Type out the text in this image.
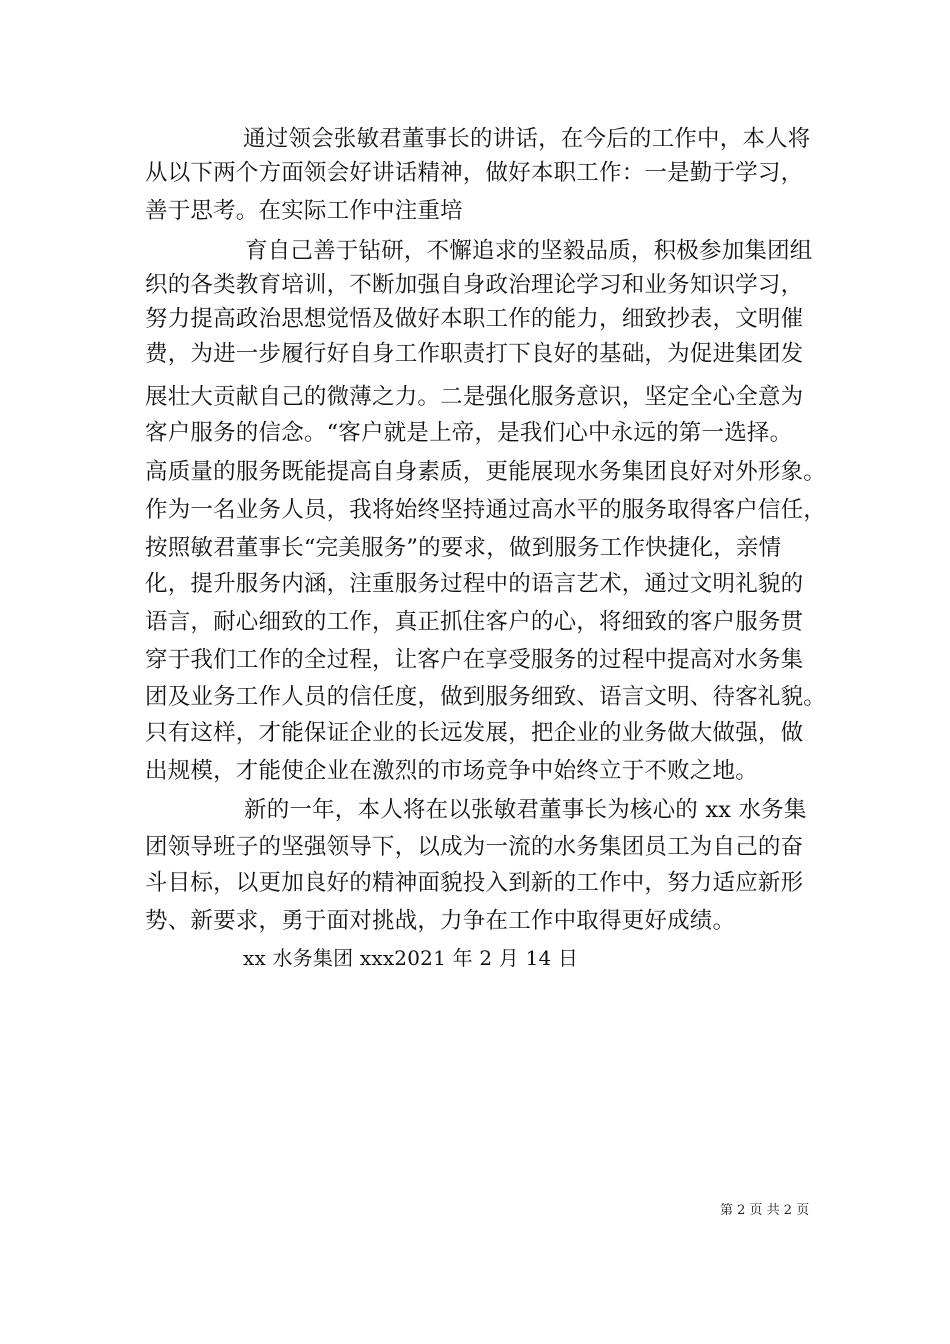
通过领会张敏君董事长的讲话，在今后的工作中，本人将
从以下两个方面领会好讲话精神，做好本职工作：一是勤于学习，
善于思考。在实际工作中注重培
育自己善于钻研，不懈追求的坚毅品质，积极参加集团组
织的各类教育培训，不断加强自身政治理论学习和业务知识学习，
努力提高政治思想觉悟及做好本职工作的能力，细致抄表，文明催
费，为进一步履行好自身工作职责打下良好的基础，为促进集团发
展壮大贡献自己的微薄之力。二是强化服务意识，坚定全心全意为
客户服务的信念。“客户就是上帝，是我们心中永远的第一选择。
高质量的服务既能提高自身素质，更能展现水务集团良好对外形象。
作为一名业务人员，我将始终坚持通过高水平的服务取得客户信任，
按照敏君董事长“完美服务”的要求，做到服务工作快捷化，亲情
化，提升服务内涵，注重服务过程中的语言艺术，通过文明礼貌的
语言，耐心细致的工作，真正抓住客户的心，将细致的客户服务贯
穿于我们工作的全过程，让客户在享受服务的过程中提高对水务集
团及业务工作人员的信任度，做到服务细致、语言文明、待客礼貌。
只有这样，才能保证企业的长远发展，把企业的业务做大做强，做
出规模，才能使企业在激烈的市场竞争中始终立于不败之地。
新的一年，本人将在以张敏君董事长为核心的 xx 水务集
团领导班子的坚强领导下，以成为一流的水务集团员工为自己的奋
斗目标，以更加良好的精神面貌投入到新的工作中，努力适应新形
势、新要求，勇于面对挑战，力争在工作中取得更好成绩。
xx 水务集团 xxx2021 年 2 月 14 日
第 2 页 共 2 页
